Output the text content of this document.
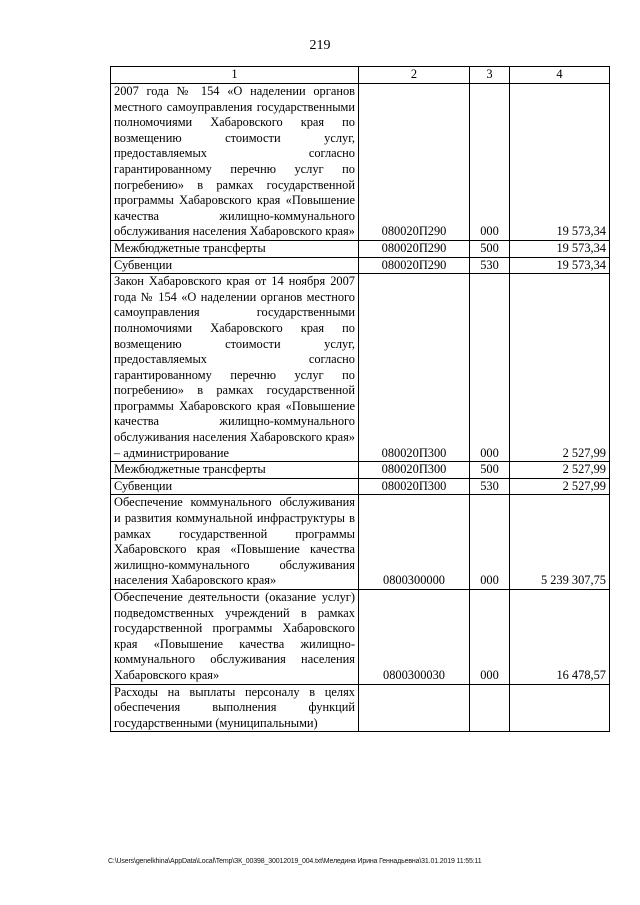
219
1	2	3	4
2007 года № 154 «О наделении органов местного самоуправления государственными полномочиями Хабаровского края по возмещению стоимости услуг, предоставляемых согласно гарантированному перечню услуг по погребению» в рамках государственной программы Хабаровского края «Повышение качества жилищно-коммунального обслуживания населения Хабаровского края»	080020П290	000	19 573,34
Межбюджетные трансферты	080020П290	500	19 573,34
Субвенции	080020П290	530	19 573,34
Закон Хабаровского края от 14 ноября 2007 года № 154 «О наделении органов местного самоуправления государственными полномочиями Хабаровского края по возмещению стоимости услуг, предоставляемых согласно гарантированному перечню услуг по погребению» в рамках государственной программы Хабаровского края «Повышение качества жилищно-коммунального обслуживания населения Хабаровского края» – администрирование	080020П300	000	2 527,99
Межбюджетные трансферты	080020П300	500	2 527,99
Субвенции	080020П300	530	2 527,99
Обеспечение коммунального обслуживания и развития коммунальной инфраструктуры в рамках государственной программы Хабаровского края «Повышение качества жилищно-коммунального обслуживания населения Хабаровского края»	0800300000	000	5 239 307,75
Обеспечение деятельности (оказание услуг) подведомственных учреждений в рамках государственной программы Хабаровского края «Повышение качества жилищно-коммунального обслуживания населения Хабаровского края»	0800300030	000	16 478,57
Расходы на выплаты персоналу в целях обеспечения выполнения функций государственными (муниципальными)			
C:\Users\genelkhina\AppData\Local\Temp\ЗК_00398_30012019_004.txt\Меледина Ирина Геннадьевна\31.01.2019 11:55:11
